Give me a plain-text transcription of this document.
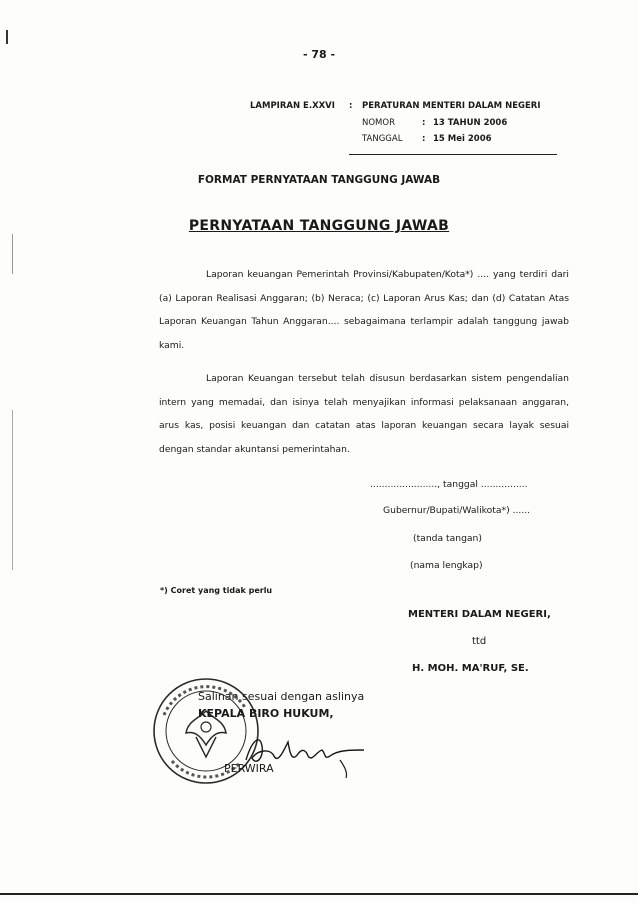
- 78 -
LAMPIRAN E.XXVI : PERATURAN MENTERI DALAM NEGERI
NOMOR	: 13 TAHUN 2006
TANGGAL : 15 Mei 2006
FORMAT PERNYATAAN TANGGUNG JAWAB
PERNYATAAN TANGGUNG JAWAB
Laporan keuangan Pemerintah Provinsi/Kabupaten/Kota*) .... yang terdiri dari (a) Laporan Realisasi Anggaran; (b) Neraca; (c) Laporan Arus Kas; dan (d) Catatan Atas Laporan Keuangan Tahun Anggaran.... sebagaimana terlampir adalah tanggung jawab kami.
Laporan Keuangan tersebut telah disusun berdasarkan sistem pengendalian intern yang memadai, dan isinya telah menyajikan informasi pelaksanaan anggaran, arus kas, posisi keuangan dan catatan atas laporan keuangan secara layak sesuai dengan standar akuntansi pemerintahan.
......................., tanggal ................
Gubernur/Bupati/Walikota*) ......
(tanda tangan)
(nama lengkap)
*) Coret yang tidak perlu
MENTERI DALAM NEGERI,
ttd
H. MOH. MA'RUF, SE.
Salinan sesuai dengan aslinya
KEPALA BIRO HUKUM,
PERWIRA
